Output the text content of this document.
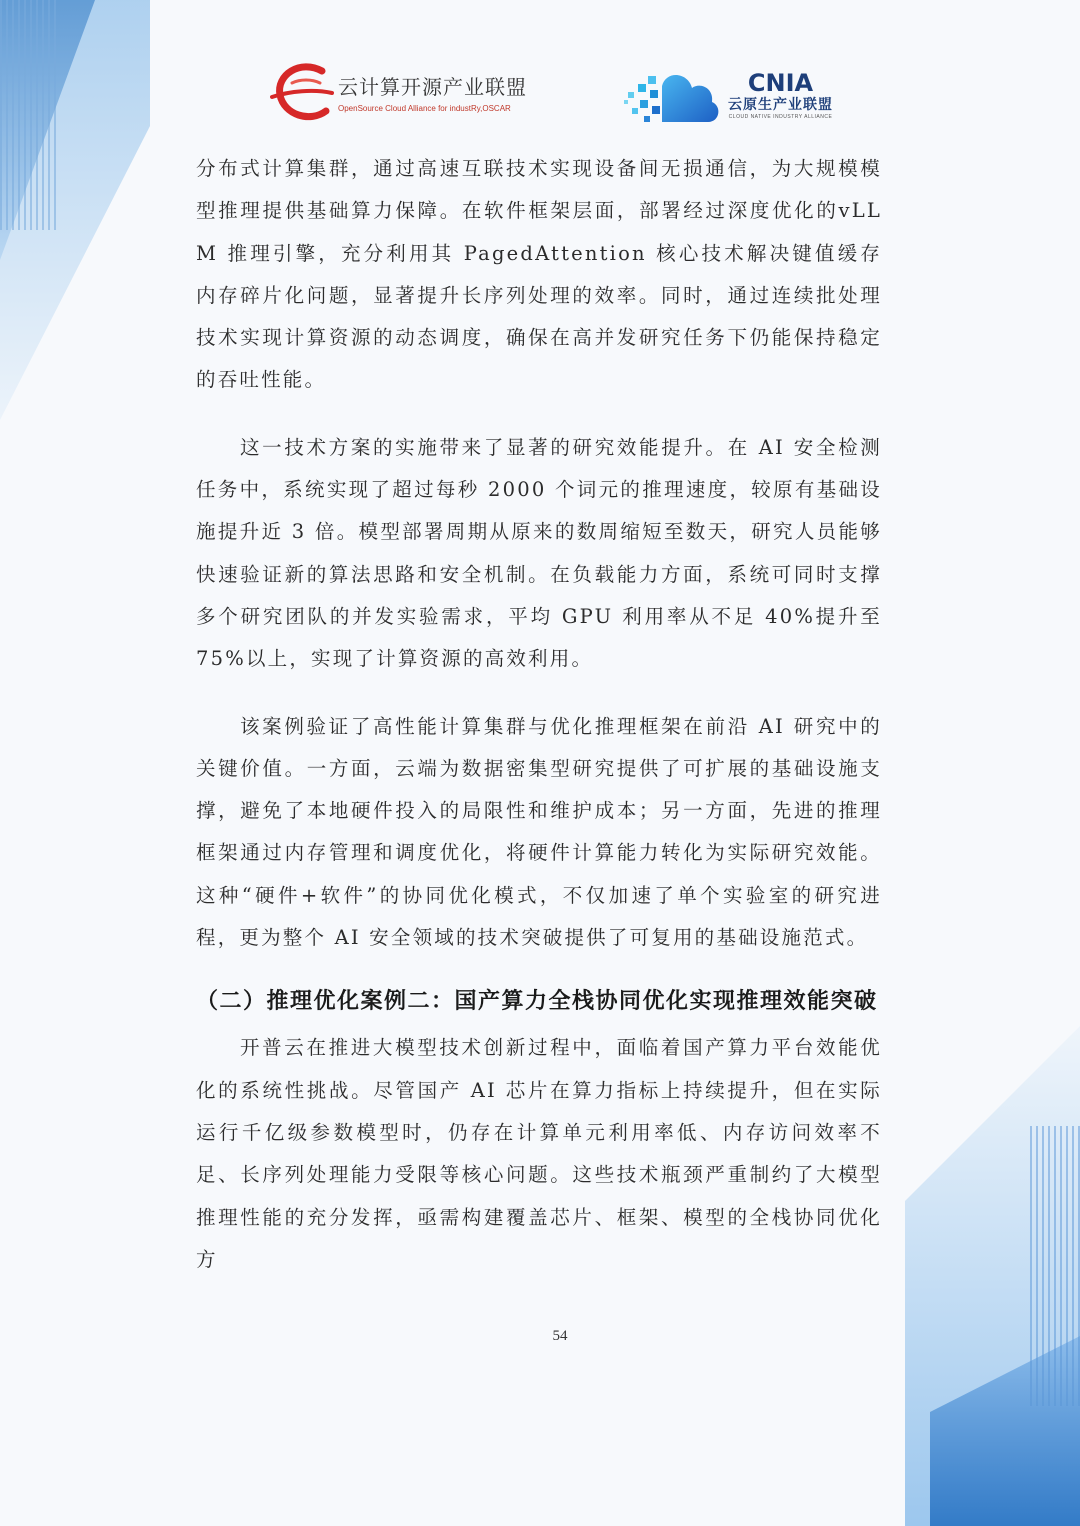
云计算开源产业联盟
OpenSource Cloud Alliance for industRy,OSCAR
CNIA
云原生产业联盟
CLOUD NATIVE INDUSTRY ALLIANCE

分布式计算集群，通过高速互联技术实现设备间无损通信，为大规模模型推理提供基础算力保障。在软件框架层面，部署经过深度优化的vLLM 推理引擎，充分利用其 PagedAttention 核心技术解决键值缓存内存碎片化问题，显著提升长序列处理的效率。同时，通过连续批处理技术实现计算资源的动态调度，确保在高并发研究任务下仍能保持稳定的吞吐性能。

这一技术方案的实施带来了显著的研究效能提升。在 AI 安全检测任务中，系统实现了超过每秒 2000 个词元的推理速度，较原有基础设施提升近 3 倍。模型部署周期从原来的数周缩短至数天，研究人员能够快速验证新的算法思路和安全机制。在负载能力方面，系统可同时支撑多个研究团队的并发实验需求，平均 GPU 利用率从不足 40%提升至 75%以上，实现了计算资源的高效利用。

该案例验证了高性能计算集群与优化推理框架在前沿 AI 研究中的关键价值。一方面，云端为数据密集型研究提供了可扩展的基础设施支撑，避免了本地硬件投入的局限性和维护成本；另一方面，先进的推理框架通过内存管理和调度优化，将硬件计算能力转化为实际研究效能。这种“硬件+软件”的协同优化模式，不仅加速了单个实验室的研究进程，更为整个 AI 安全领域的技术突破提供了可复用的基础设施范式。

（二）推理优化案例二：国产算力全栈协同优化实现推理效能突破

开普云在推进大模型技术创新过程中，面临着国产算力平台效能优化的系统性挑战。尽管国产 AI 芯片在算力指标上持续提升，但在实际运行千亿级参数模型时，仍存在计算单元利用率低、内存访问效率不足、长序列处理能力受限等核心问题。这些技术瓶颈严重制约了大模型推理性能的充分发挥，亟需构建覆盖芯片、框架、模型的全栈协同优化方

54
